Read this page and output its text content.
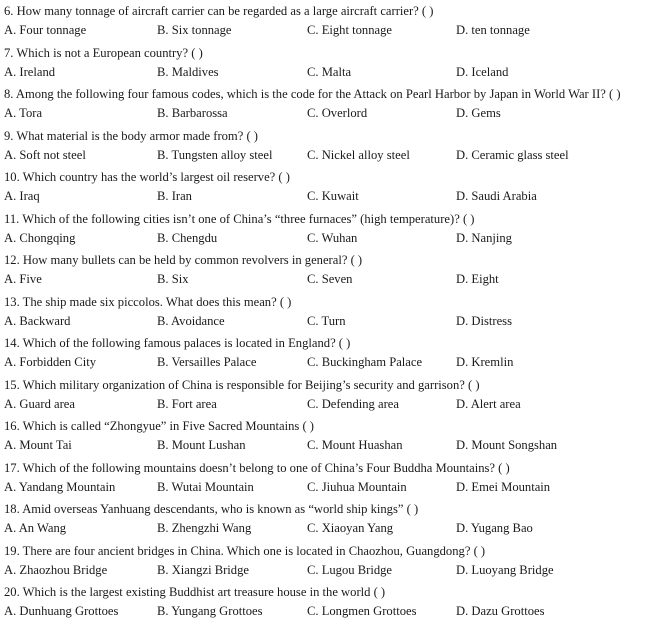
6. How many tonnage of aircraft carrier can be regarded as a large aircraft carrier? ( )
A. Four tonnage	B. Six tonnage	C. Eight tonnage	D. ten tonnage
7. Which is not a European country? ( )
A. Ireland	B. Maldives	C. Malta	D. Iceland
8. Among the following four famous codes, which is the code for the Attack on Pearl Harbor by Japan in World War II? ( )
A. Tora	B. Barbarossa	C. Overlord	D. Gems
9. What material is the body armor made from? ( )
A. Soft not steel	B. Tungsten alloy steel	C. Nickel alloy steel	D. Ceramic glass steel
10. Which country has the world’s largest oil reserve? ( )
A. Iraq	B. Iran	C. Kuwait	D. Saudi Arabia
11. Which of the following cities isn’t one of China’s “three furnaces” (high temperature)? ( )
A. Chongqing	B. Chengdu	C. Wuhan	D. Nanjing
12. How many bullets can be held by common revolvers in general? ( )
A. Five	B. Six	C. Seven	D. Eight
13. The ship made six piccolos. What does this mean? ( )
A. Backward	B. Avoidance	C. Turn	D. Distress
14. Which of the following famous palaces is located in England? ( )
A. Forbidden City	B. Versailles Palace	C. Buckingham Palace	D. Kremlin
15. Which military organization of China is responsible for Beijing’s security and garrison? ( )
A. Guard area	B. Fort area	C. Defending area	D. Alert area
16. Which is called “Zhongyue” in Five Sacred Mountains ( )
A. Mount Tai	B. Mount Lushan	C. Mount Huashan	D. Mount Songshan
17. Which of the following mountains doesn’t belong to one of China’s Four Buddha Mountains? ( )
A. Yandang Mountain	B. Wutai Mountain	C. Jiuhua Mountain	D. Emei Mountain
18. Amid overseas Yanhuang descendants, who is known as “world ship kings” ( )
A. An Wang	B. Zhengzhi Wang	C. Xiaoyan Yang	D. Yugang Bao
19. There are four ancient bridges in China. Which one is located in Chaozhou, Guangdong? ( )
A. Zhaozhou Bridge	B. Xiangzi Bridge	C. Lugou Bridge	D. Luoyang Bridge
20. Which is the largest existing Buddhist art treasure house in the world ( )
A. Dunhuang Grottoes	B. Yungang Grottoes	C. Longmen Grottoes	D. Dazu Grottoes
